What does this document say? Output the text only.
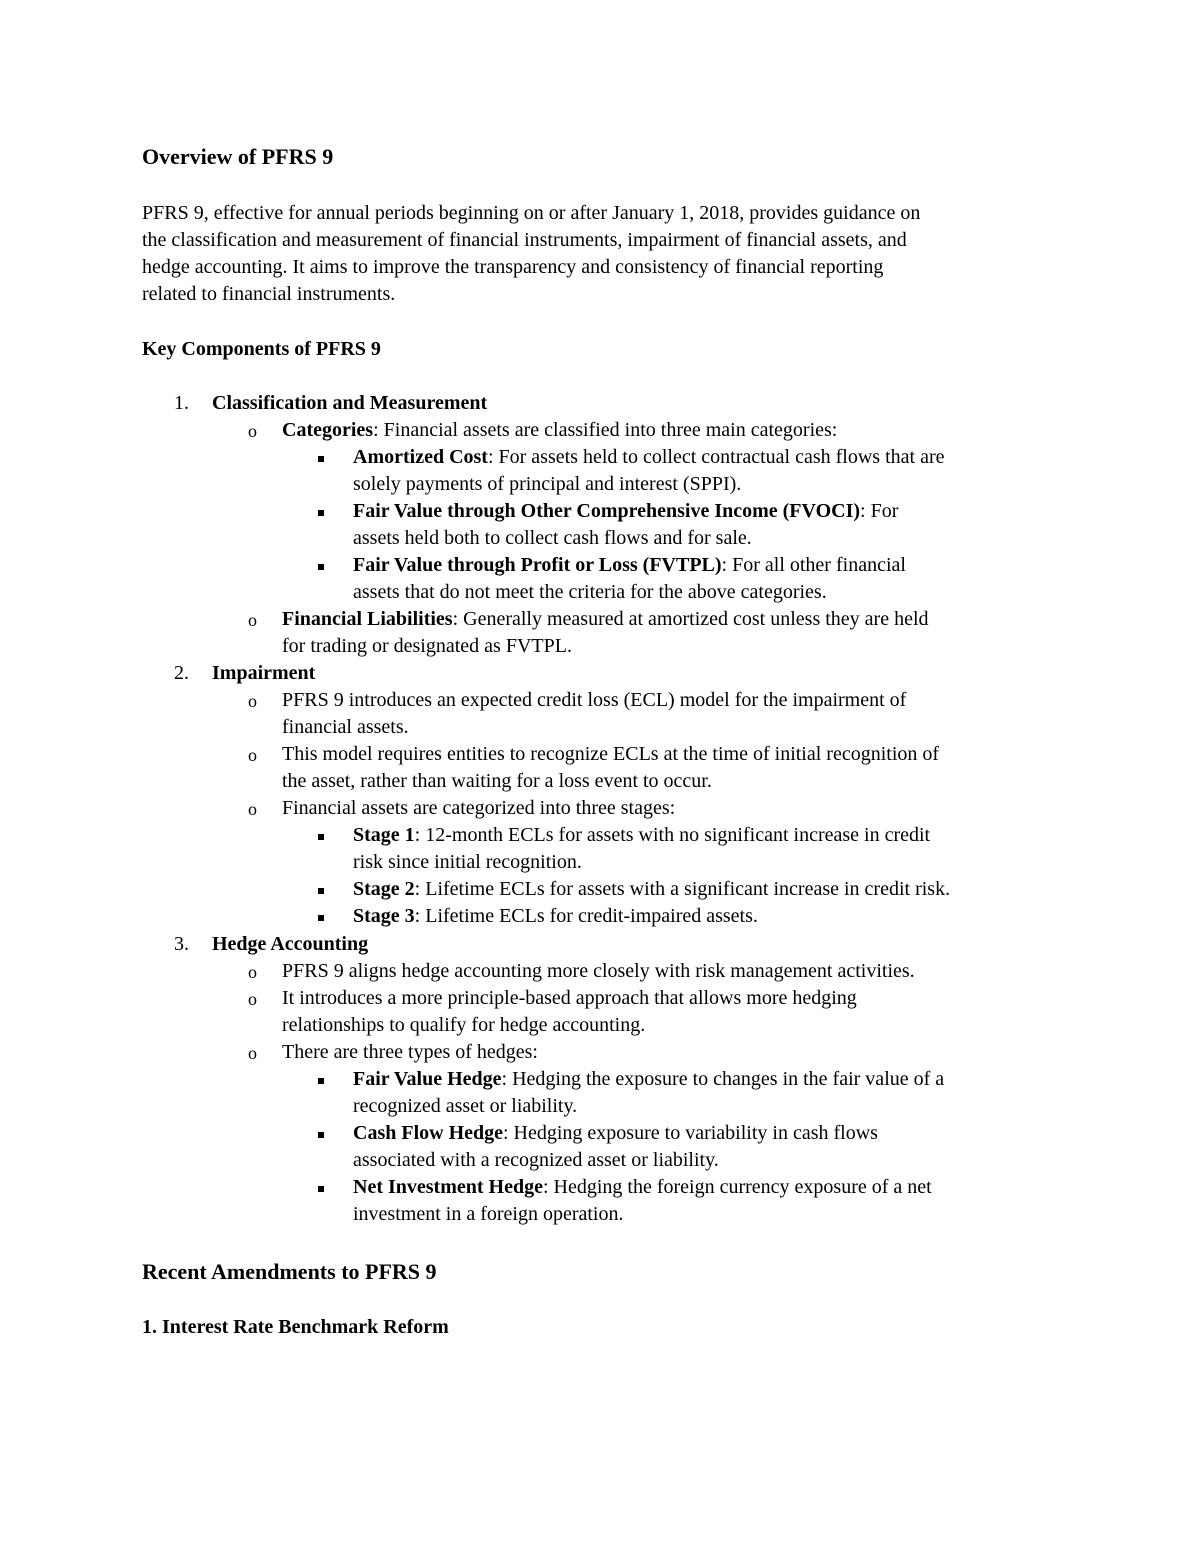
Overview of PFRS 9
PFRS 9, effective for annual periods beginning on or after January 1, 2018, provides guidance on
the classification and measurement of financial instruments, impairment of financial assets, and
hedge accounting. It aims to improve the transparency and consistency of financial reporting
related to financial instruments.
Key Components of PFRS 9
1. Classification and Measurement
o Categories: Financial assets are classified into three main categories:
Amortized Cost: For assets held to collect contractual cash flows that are
solely payments of principal and interest (SPPI).
Fair Value through Other Comprehensive Income (FVOCI): For
assets held both to collect cash flows and for sale.
Fair Value through Profit or Loss (FVTPL): For all other financial
assets that do not meet the criteria for the above categories.
o Financial Liabilities: Generally measured at amortized cost unless they are held
for trading or designated as FVTPL.
2. Impairment
o PFRS 9 introduces an expected credit loss (ECL) model for the impairment of
financial assets.
o This model requires entities to recognize ECLs at the time of initial recognition of
the asset, rather than waiting for a loss event to occur.
o Financial assets are categorized into three stages:
Stage 1: 12-month ECLs for assets with no significant increase in credit
risk since initial recognition.
Stage 2: Lifetime ECLs for assets with a significant increase in credit risk.
Stage 3: Lifetime ECLs for credit-impaired assets.
3. Hedge Accounting
o PFRS 9 aligns hedge accounting more closely with risk management activities.
o It introduces a more principle-based approach that allows more hedging
relationships to qualify for hedge accounting.
o There are three types of hedges:
Fair Value Hedge: Hedging the exposure to changes in the fair value of a
recognized asset or liability.
Cash Flow Hedge: Hedging exposure to variability in cash flows
associated with a recognized asset or liability.
Net Investment Hedge: Hedging the foreign currency exposure of a net
investment in a foreign operation.
Recent Amendments to PFRS 9
1. Interest Rate Benchmark Reform
